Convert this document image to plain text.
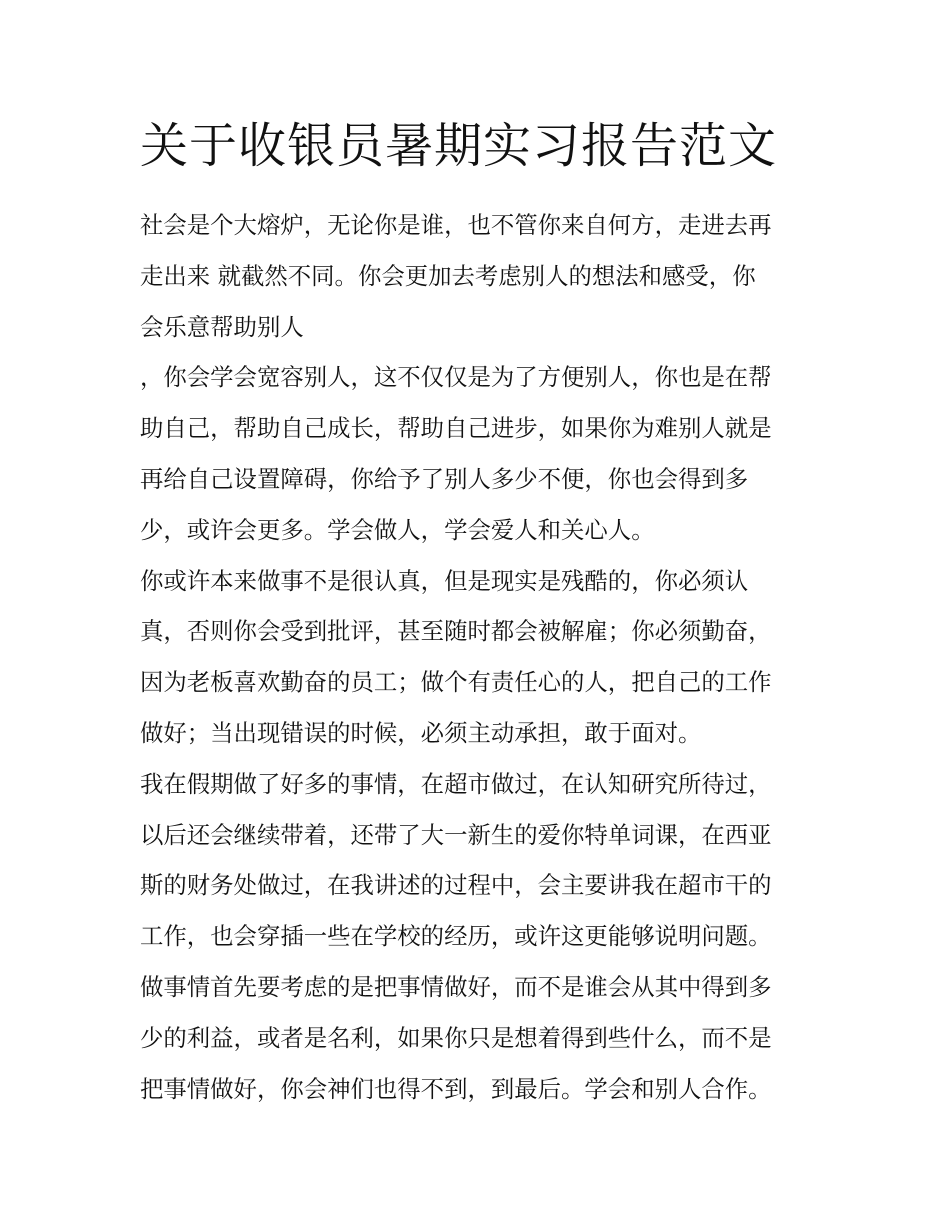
关于收银员暑期实习报告范文
社会是个大熔炉，无论你是谁，也不管你来自何方，走进去再
走出来 就截然不同。你会更加去考虑别人的想法和感受，你
会乐意帮助别人
，你会学会宽容别人，这不仅仅是为了方便别人，你也是在帮
助自己，帮助自己成长，帮助自己进步，如果你为难别人就是
再给自己设置障碍，你给予了别人多少不便，你也会得到多
少，或许会更多。学会做人，学会爱人和关心人。
你或许本来做事不是很认真，但是现实是残酷的，你必须认
真，否则你会受到批评，甚至随时都会被解雇；你必须勤奋，
因为老板喜欢勤奋的员工；做个有责任心的人，把自己的工作
做好；当出现错误的时候，必须主动承担，敢于面对。
我在假期做了好多的事情，在超市做过，在认知研究所待过，
以后还会继续带着，还带了大一新生的爱你特单词课，在西亚
斯的财务处做过，在我讲述的过程中，会主要讲我在超市干的
工作，也会穿插一些在学校的经历，或许这更能够说明问题。
做事情首先要考虑的是把事情做好，而不是谁会从其中得到多
少的利益，或者是名利，如果你只是想着得到些什么，而不是
把事情做好，你会神们也得不到，到最后。学会和别人合作。
